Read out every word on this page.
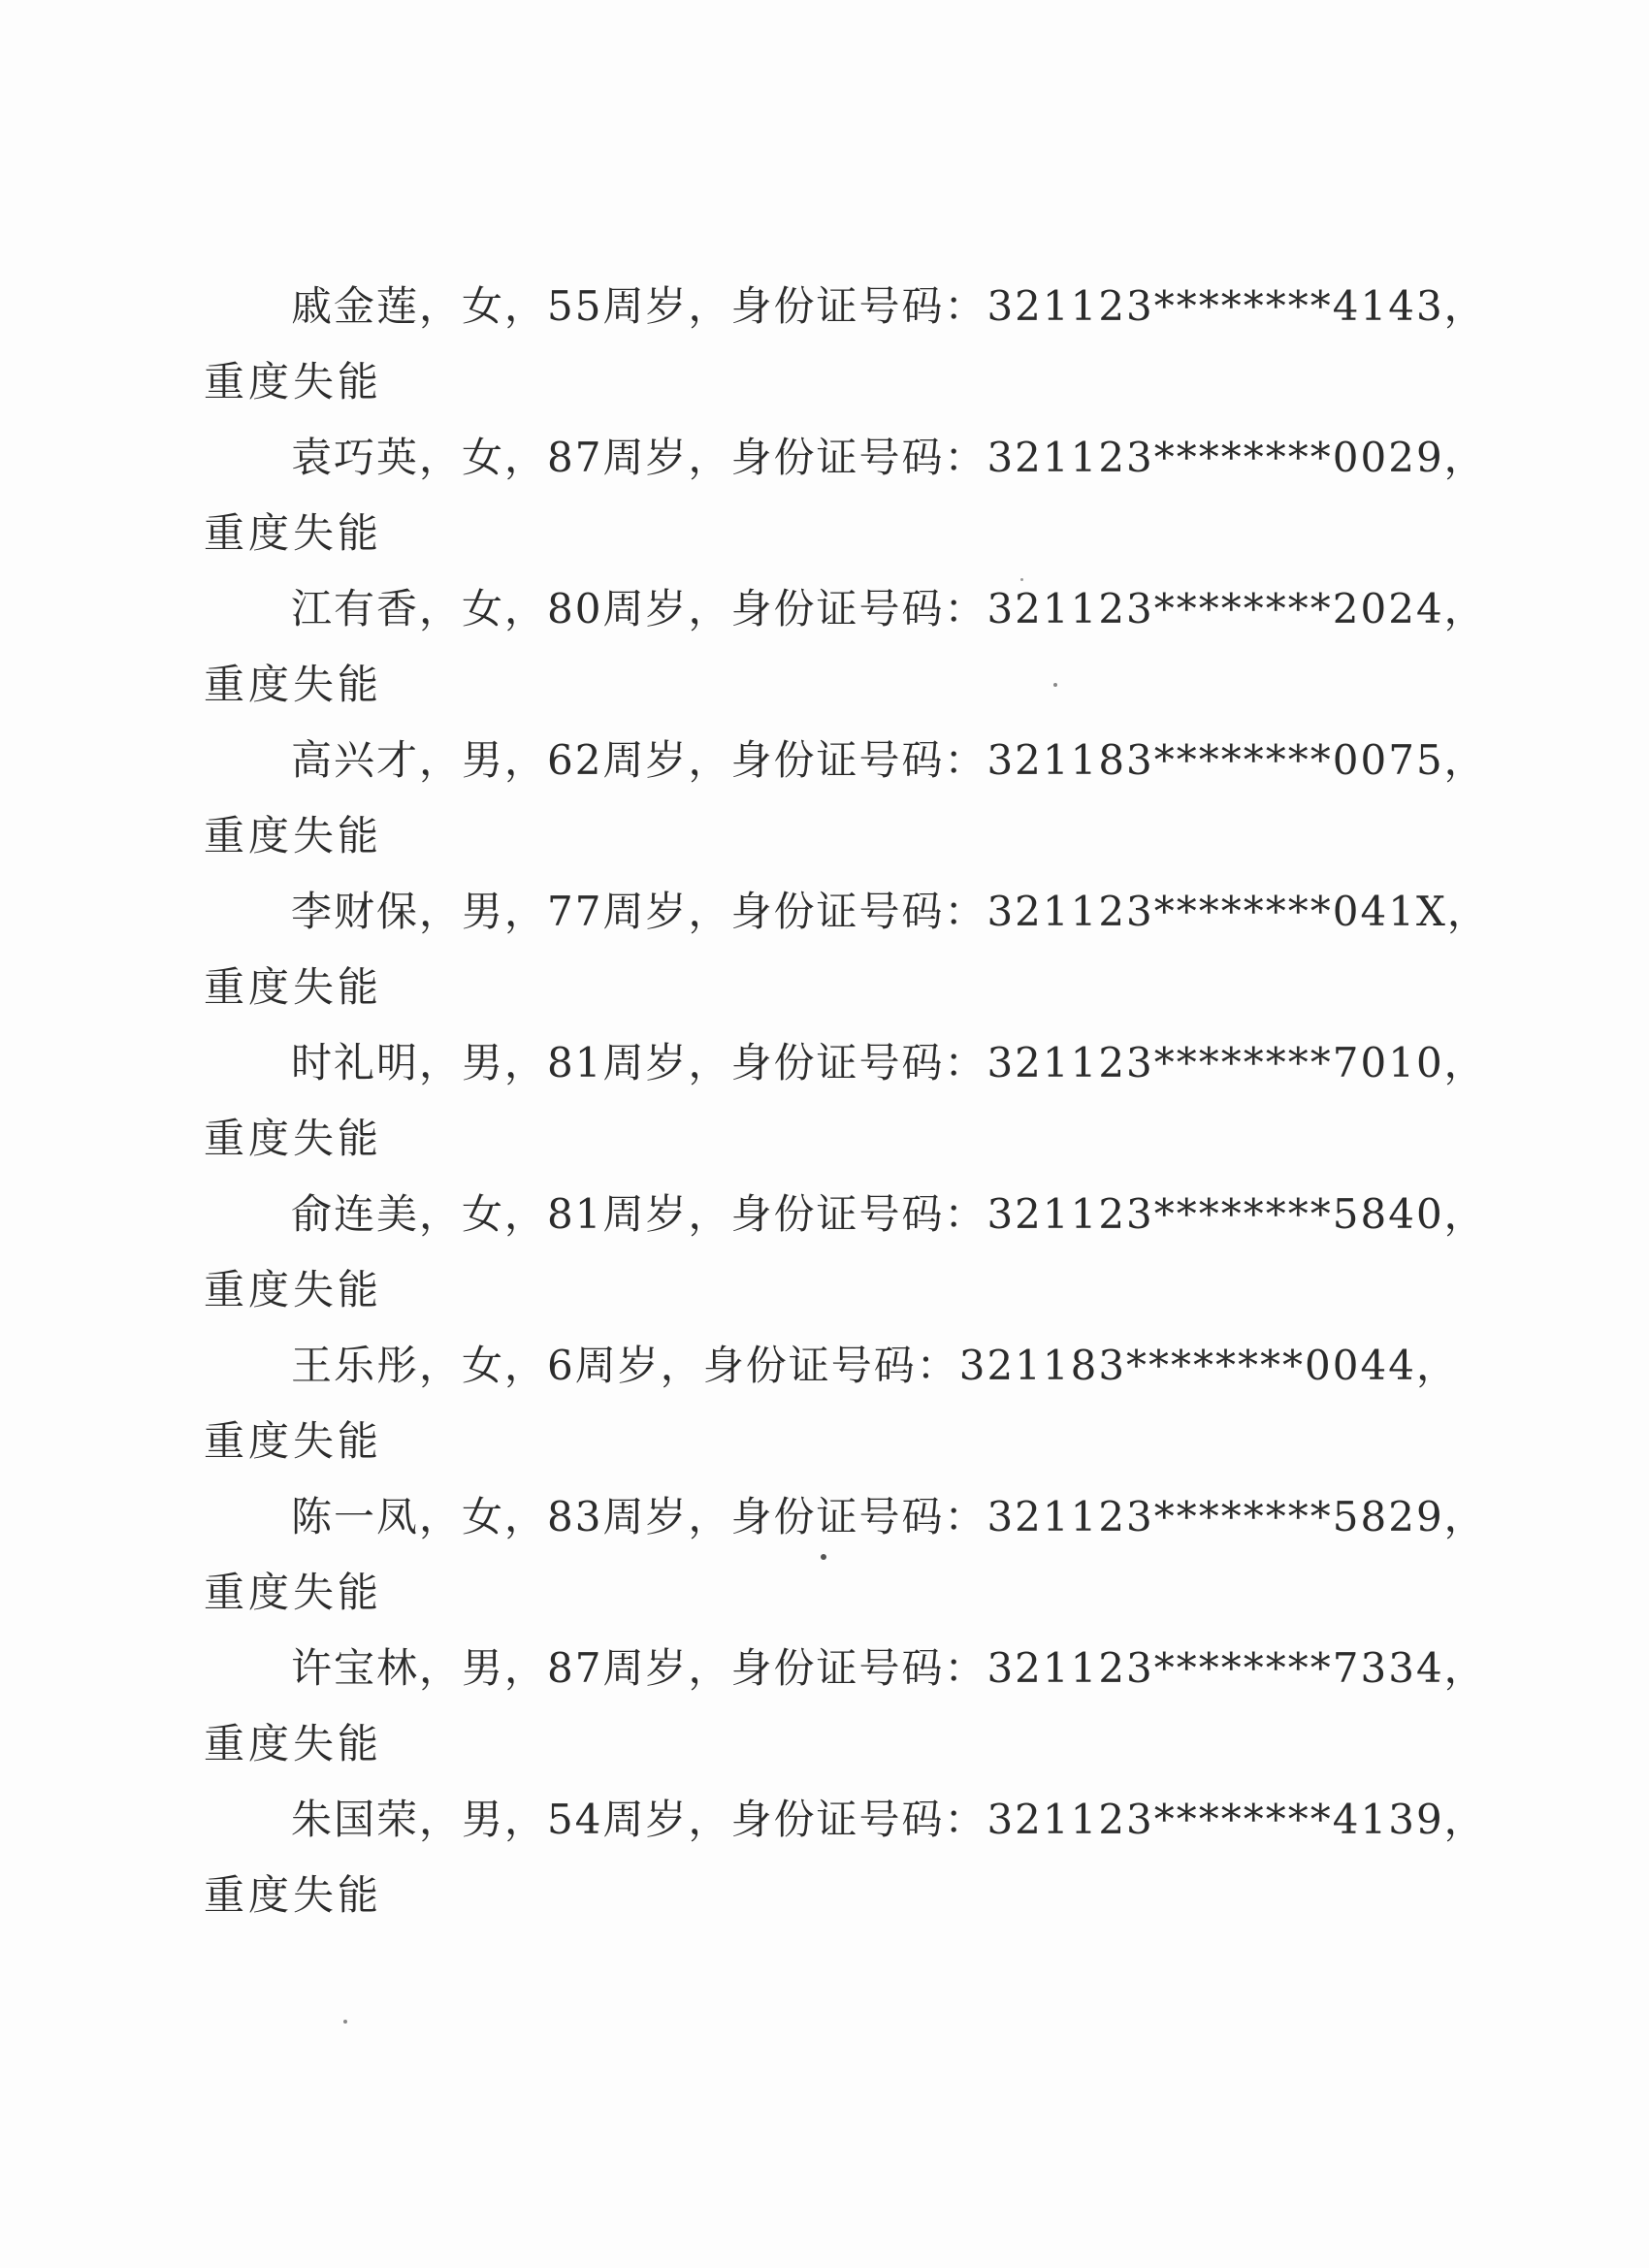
戚金莲，女，55周岁，身份证号码：321123********4143，
重度失能
袁巧英，女，87周岁，身份证号码：321123********0029，
重度失能
江有香，女，80周岁，身份证号码：321123********2024，
重度失能
高兴才，男，62周岁，身份证号码：321183********0075，
重度失能
李财保，男，77周岁，身份证号码：321123********041X，
重度失能
时礼明，男，81周岁，身份证号码：321123********7010，
重度失能
俞连美，女，81周岁，身份证号码：321123********5840，
重度失能
王乐彤，女，6周岁，身份证号码：321183********0044，
重度失能
陈一凤，女，83周岁，身份证号码：321123********5829，
重度失能
许宝林，男，87周岁，身份证号码：321123********7334，
重度失能
朱国荣，男，54周岁，身份证号码：321123********4139，
重度失能
